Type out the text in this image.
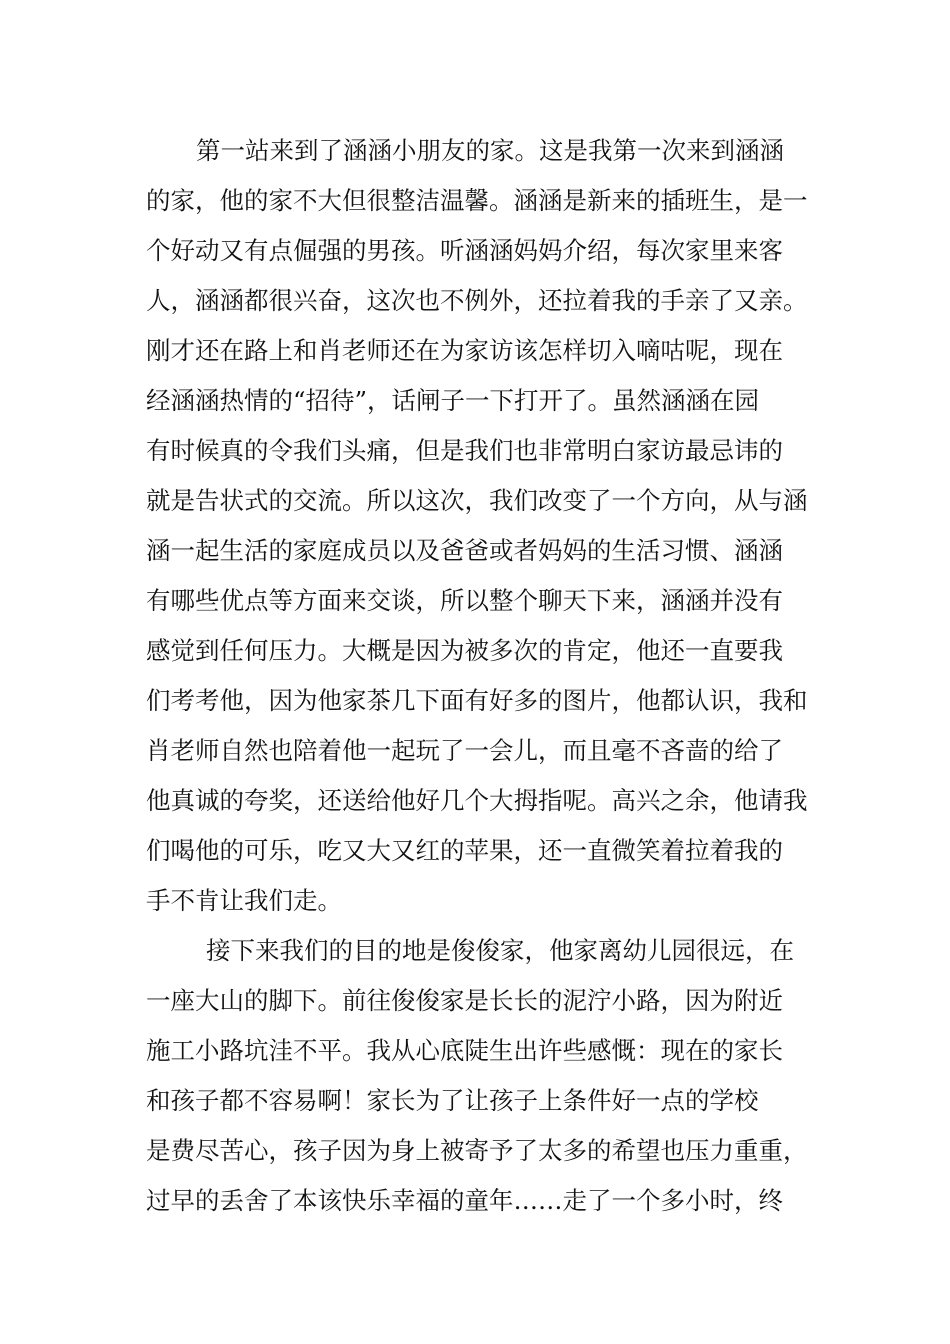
第一站来到了涵涵小朋友的家。这是我第一次来到涵涵
的家，他的家不大但很整洁温馨。涵涵是新来的插班生，是一
个好动又有点倔强的男孩。听涵涵妈妈介绍，每次家里来客
人，涵涵都很兴奋，这次也不例外，还拉着我的手亲了又亲。
刚才还在路上和肖老师还在为家访该怎样切入嘀咕呢，现在
经涵涵热情的“招待”，话闸子一下打开了。虽然涵涵在园
有时候真的令我们头痛，但是我们也非常明白家访最忌讳的
就是告状式的交流。所以这次，我们改变了一个方向，从与涵
涵一起生活的家庭成员以及爸爸或者妈妈的生活习惯、涵涵
有哪些优点等方面来交谈，所以整个聊天下来，涵涵并没有
感觉到任何压力。大概是因为被多次的肯定，他还一直要我
们考考他，因为他家茶几下面有好多的图片，他都认识，我和
肖老师自然也陪着他一起玩了一会儿，而且毫不吝啬的给了
他真诚的夸奖，还送给他好几个大拇指呢。高兴之余，他请我
们喝他的可乐，吃又大又红的苹果，还一直微笑着拉着我的
手不肯让我们走。
接下来我们的目的地是俊俊家，他家离幼儿园很远，在
一座大山的脚下。前往俊俊家是长长的泥泞小路，因为附近
施工小路坑洼不平。我从心底陡生出许些感慨：现在的家长
和孩子都不容易啊！家长为了让孩子上条件好一点的学校
是费尽苦心，孩子因为身上被寄予了太多的希望也压力重重，
过早的丢舍了本该快乐幸福的童年……走了一个多小时，终
